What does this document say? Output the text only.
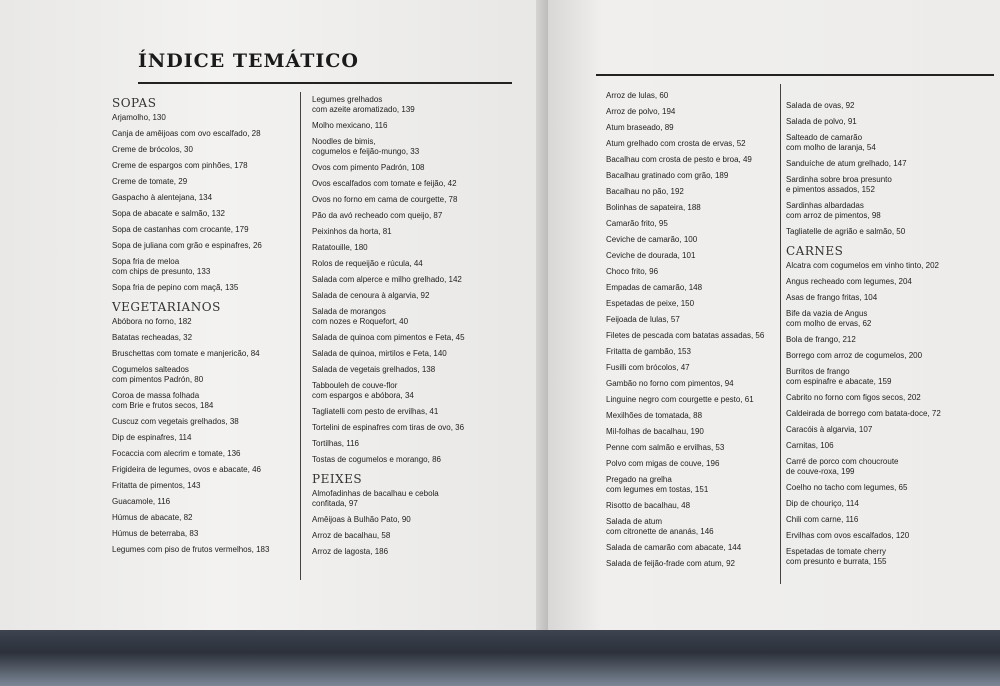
ÍNDICE TEMÁTICO
SOPAS
Arjamolho, 130
Canja de amêijoas com ovo escalfado, 28
Creme de brócolos, 30
Creme de espargos com pinhões, 178
Creme de tomate, 29
Gaspacho à alentejana, 134
Sopa de abacate e salmão, 132
Sopa de castanhas com crocante, 179
Sopa de juliana com grão e espinafres, 26
Sopa fria de meloa
com chips de presunto, 133
Sopa fria de pepino com maçã, 135
VEGETARIANOS
Abóbora no forno, 182
Batatas recheadas, 32
Bruschettas com tomate e manjericão, 84
Cogumelos salteados
com pimentos Padrón, 80
Coroa de massa folhada
com Brie e frutos secos, 184
Cuscuz com vegetais grelhados, 38
Dip de espinafres, 114
Focaccia com alecrim e tomate, 136
Frigideira de legumes, ovos e abacate, 46
Fritatta de pimentos, 143
Guacamole, 116
Húmus de abacate, 82
Húmus de beterraba, 83
Legumes com piso de frutos vermelhos, 183
Legumes grelhados
com azeite aromatizado, 139
Molho mexicano, 116
Noodles de bimis,
cogumelos e feijão-mungo, 33
Ovos com pimento Padrón, 108
Ovos escalfados com tomate e feijão, 42
Ovos no forno em cama de courgette, 78
Pão da avó recheado com queijo, 87
Peixinhos da horta, 81
Ratatouille, 180
Rolos de requeijão e rúcula, 44
Salada com alperce e milho grelhado, 142
Salada de cenoura à algarvia, 92
Salada de morangos
com nozes e Roquefort, 40
Salada de quinoa com pimentos e Feta, 45
Salada de quinoa, mirtilos e Feta, 140
Salada de vegetais grelhados, 138
Tabbouleh de couve-flor
com espargos e abóbora, 34
Tagliatelli com pesto de ervilhas, 41
Tortelini de espinafres com tiras de ovo, 36
Tortilhas, 116
Tostas de cogumelos e morango, 86
PEIXES
Almofadinhas de bacalhau e cebola
confitada, 97
Amêijoas à Bulhão Pato, 90
Arroz de bacalhau, 58
Arroz de lagosta, 186
Arroz de lulas, 60
Arroz de polvo, 194
Atum braseado, 89
Atum grelhado com crosta de ervas, 52
Bacalhau com crosta de pesto e broa, 49
Bacalhau gratinado com grão, 189
Bacalhau no pão, 192
Bolinhas de sapateira, 188
Camarão frito, 95
Ceviche de camarão, 100
Ceviche de dourada, 101
Choco frito, 96
Empadas de camarão, 148
Espetadas de peixe, 150
Feijoada de lulas, 57
Filetes de pescada com batatas assadas, 56
Fritatta de gambão, 153
Fusilli com brócolos, 47
Gambão no forno com pimentos, 94
Linguine negro com courgette e pesto, 61
Mexilhões de tomatada, 88
Mil-folhas de bacalhau, 190
Penne com salmão e ervilhas, 53
Polvo com migas de couve, 196
Pregado na grelha
com legumes em tostas, 151
Risotto de bacalhau, 48
Salada de atum
com citronette de ananás, 146
Salada de camarão com abacate, 144
Salada de feijão-frade com atum, 92
Salada de ovas, 92
Salada de polvo, 91
Salteado de camarão
com molho de laranja, 54
Sanduíche de atum grelhado, 147
Sardinha sobre broa presunto
e pimentos assados, 152
Sardinhas albardadas
com arroz de pimentos, 98
Tagliatelle de agrião e salmão, 50
CARNES
Alcatra com cogumelos em vinho tinto, 202
Angus recheado com legumes, 204
Asas de frango fritas, 104
Bife da vazia de Angus
com molho de ervas, 62
Bola de frango, 212
Borrego com arroz de cogumelos, 200
Burritos de frango
com espinafre e abacate, 159
Cabrito no forno com figos secos, 202
Caldeirada de borrego com batata-doce, 72
Caracóis à algarvia, 107
Carnitas, 106
Carré de porco com choucroute
de couve-roxa, 199
Coelho no tacho com legumes, 65
Dip de chouriço, 114
Chili com carne, 116
Ervilhas com ovos escalfados, 120
Espetadas de tomate cherry
com presunto e burrata, 155
